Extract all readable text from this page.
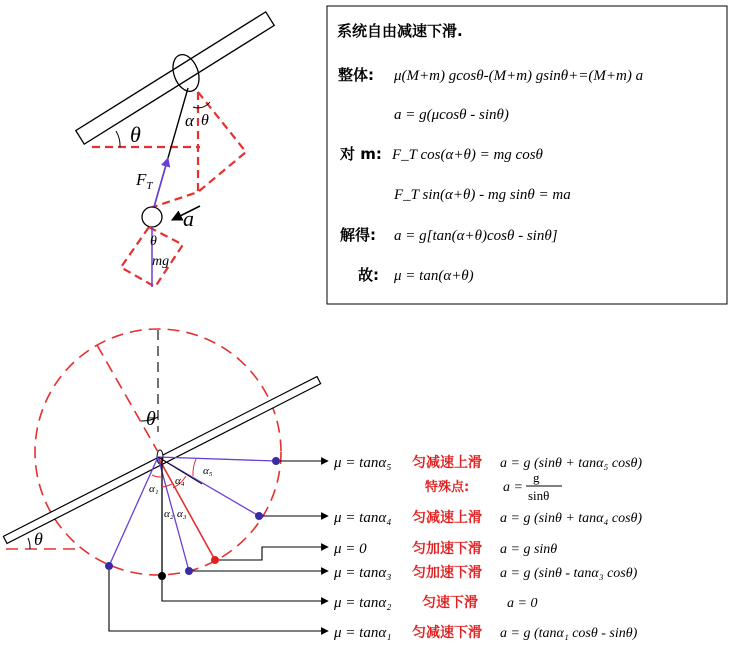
θ
α θ
$F_T$
a
θ
mg
系统自由减速下滑.
整体: μ(M+m) gcosθ-(M+m) gsinθ+=(M+m) a
a = g(μcosθ - sinθ)
对 m: F_T cos(α+θ) = mg cosθ
F_T sin(α+θ) - mg sinθ = ma
解得: a = g[tan(α+θ)cosθ - sinθ]
故: μ = tan(α+θ)
θ
θ
α₁
α₂ α₃
α₄
α₅	μ = tanα₅ 匀减速上滑 a = g (sinθ + tanα₅ cosθ)
特殊点: a =
g
sinθ
μ = tanα₄ 匀减速上滑 a = g (sinθ + tanα₄ cosθ)
μ = 0	匀加速下滑 a = g sinθ
μ = tanα₃ 匀加速下滑 a = g (sinθ - tanα₃ cosθ)
μ = tanα₂ 匀速下滑 a = 0
μ = tanα₁ 匀减速下滑 a = g (tanα₁ cosθ - sinθ)
